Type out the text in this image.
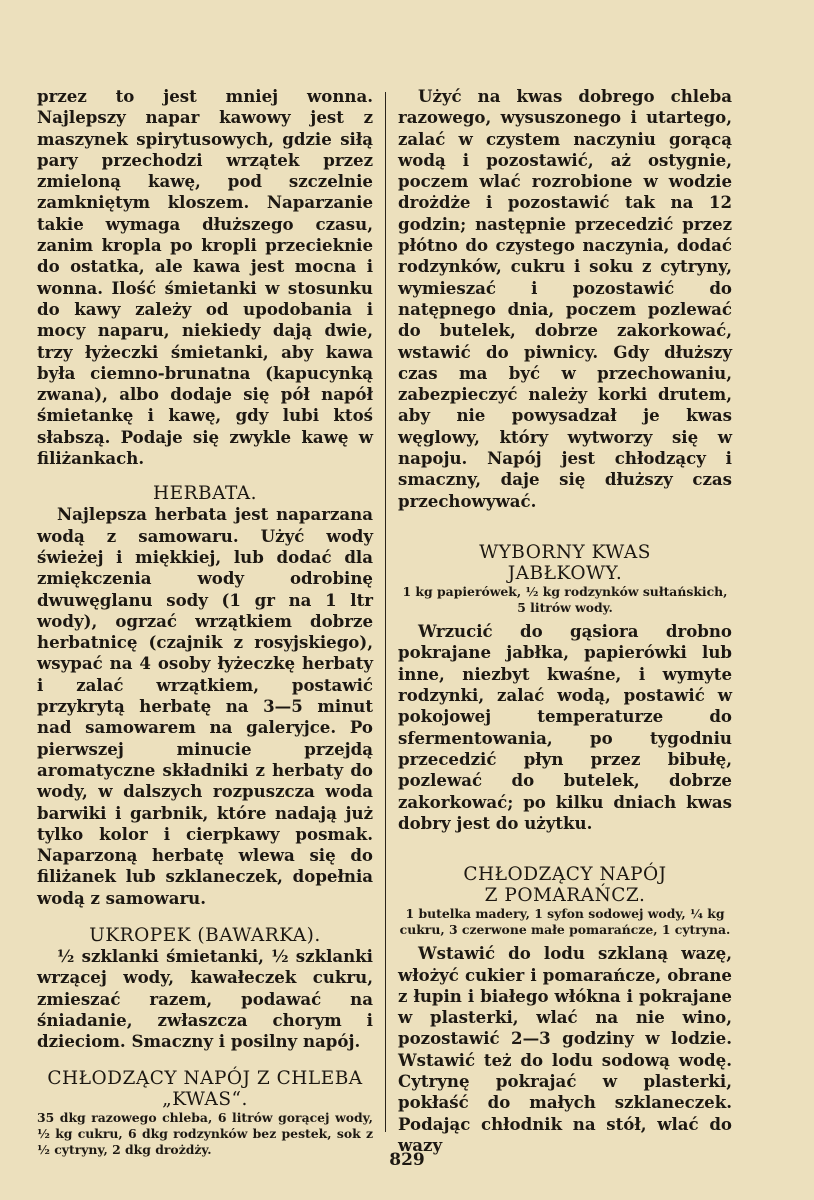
przez to jest mniej wonna. Najlepszy napar kawowy jest z maszynek spirytusowych, gdzie siłą pary przechodzi wrzątek przez zmieloną kawę, pod szczelnie zamkniętym kloszem. Naparzanie takie wymaga dłuższego czasu, zanim kropla po kropli przecieknie do ostatka, ale kawa jest mocna i wonna. Ilość śmietanki w stosunku do kawy zależy od upodobania i mocy naparu, niekiedy dają dwie, trzy łyżeczki śmietanki, aby kawa była ciemno-brunatna (kapucynką zwana), albo dodaje się pół napół śmietankę i kawę, gdy lubi ktoś słabszą. Podaje się zwykle kawę w filiżankach.

HERBATA.

Najlepsza herbata jest naparzana wodą z samowaru. Użyć wody świeżej i miękkiej, lub dodać dla zmiękczenia wody odrobinę dwuwęglanu sody (1 gr na 1 ltr wody), ogrzać wrzątkiem dobrze herbatnicę (czajnik z rosyjskiego), wsypać na 4 osoby łyżeczkę herbaty i zalać wrzątkiem, postawić przykrytą herbatę na 3—5 minut nad samowarem na galeryjce. Po pierwszej minucie przejdą aromatyczne składniki z herbaty do wody, w dalszych rozpuszcza woda barwiki i garbnik, które nadają już tylko kolor i cierpkawy posmak. Naparzoną herbatę wlewa się do filiżanek lub szklaneczek, dopełnia wodą z samowaru.

UKROPEK (BAWARKA).

½ szklanki śmietanki, ½ szklanki wrzącej wody, kawałeczek cukru, zmieszać razem, podawać na śniadanie, zwłaszcza chorym i dzieciom. Smaczny i posilny napój.

CHŁODZĄCY NAPÓJ Z CHLEBA
„KWAS“.

35 dkg razowego chleba, 6 litrów gorącej wody, ½ kg cukru, 6 dkg rodzynków bez pestek, sok z ½ cytryny, 2 dkg drożdży.

Użyć na kwas dobrego chleba razowego, wysuszonego i utartego, zalać w czystem naczyniu gorącą wodą i pozostawić, aż ostygnie, poczem wlać rozrobione w wodzie drożdże i pozostawić tak na 12 godzin; następnie przecedzić przez płótno do czystego naczynia, dodać rodzynków, cukru i soku z cytryny, wymieszać i pozostawić do natępnego dnia, poczem pozlewać do butelek, dobrze zakorkować, wstawić do piwnicy. Gdy dłuższy czas ma być w przechowaniu, zabezpieczyć należy korki drutem, aby nie powysadzał je kwas węglowy, który wytworzy się w napoju. Napój jest chłodzący i smaczny, daje się dłuższy czas przechowywać.

WYBORNY KWAS
JABŁKOWY.

1 kg papierówek, ½ kg rodzynków sułtańskich, 5 litrów wody.

Wrzucić do gąsiora drobno pokrajane jabłka, papierówki lub inne, niezbyt kwaśne, i wymyte rodzynki, zalać wodą, postawić w pokojowej temperaturze do sfermentowania, po tygodniu przecedzić płyn przez bibułę, pozlewać do butelek, dobrze zakorkować; po kilku dniach kwas dobry jest do użytku.

CHŁODZĄCY NAPÓJ
Z POMARAŃCZ.

1 butelka madery, 1 syfon sodowej wody, ¼ kg cukru, 3 czerwone małe pomarańcze, 1 cytryna.

Wstawić do lodu szklaną wazę, włożyć cukier i pomarańcze, obrane z łupin i białego włókna i pokrajane w plasterki, wlać na nie wino, pozostawić 2—3 godziny w lodzie. Wstawić też do lodu sodową wodę. Cytrynę pokrajać w plasterki, pokłaść do małych szklaneczek. Podając chłodnik na stół, wlać do wazy

829
